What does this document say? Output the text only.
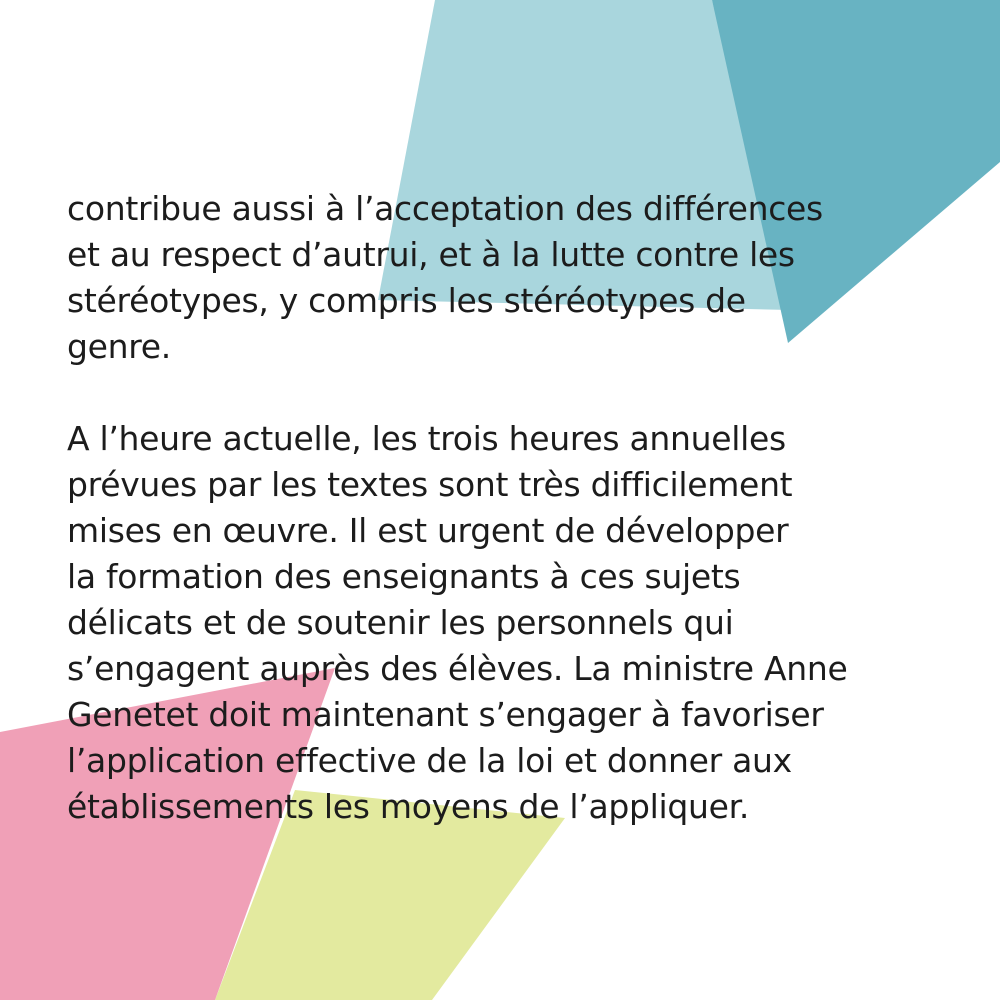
contribue aussi à l’acceptation des différences
et au respect d’autrui, et à la lutte contre les
stéréotypes, y compris les stéréotypes de
genre.

A l’heure actuelle, les trois heures annuelles
prévues par les textes sont très difficilement
mises en œuvre. Il est urgent de développer
la formation des enseignants à ces sujets
délicats et de soutenir les personnels qui
s’engagent auprès des élèves. La ministre Anne
Genetet doit maintenant s’engager à favoriser
l’application effective de la loi et donner aux
établissements les moyens de l’appliquer.
